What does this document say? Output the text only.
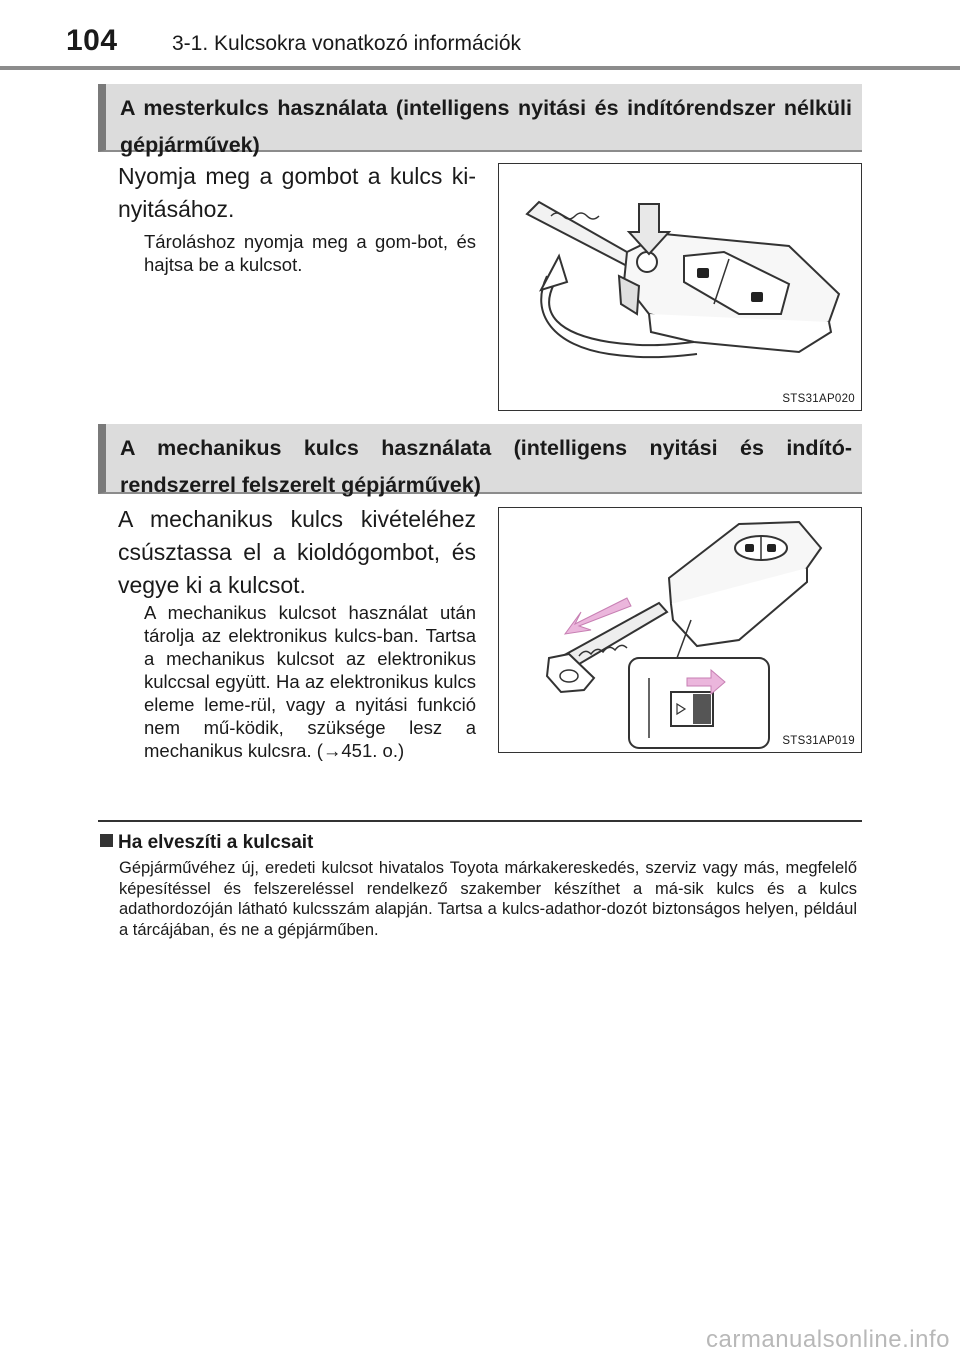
104	3-1. Kulcsokra vonatkozó információk
A mesterkulcs használata (intelligens nyitási és indítórendszer nélküli gépjárművek)
Nyomja meg a gombot a kulcs ki-nyitásához.
Tároláshoz nyomja meg a gom-bot, és hajtsa be a kulcsot.
STS31AP020
A mechanikus kulcs használata (intelligens nyitási és indító-rendszerrel felszerelt gépjárművek)
A mechanikus kulcs kivételéhez csúsztassa el a kioldógombot, és vegye ki a kulcsot.
A mechanikus kulcsot használat után tárolja az elektronikus kulcs-ban. Tartsa a mechanikus kulcsot az elektronikus kulccsal együtt. Ha az elektronikus kulcs eleme leme-rül, vagy a nyitási funkció nem mű-ködik, szüksége lesz a mechanikus kulcsra. (→451. o.)	STS31AP019
Ha elveszíti a kulcsait
Gépjárművéhez új, eredeti kulcsot hivatalos Toyota márkakereskedés, szerviz vagy más, megfelelő képesítéssel és felszereléssel rendelkező szakember készíthet a má-sik kulcs és a kulcs adathordozóján látható kulcsszám alapján. Tartsa a kulcs-adathor-dozót biztonságos helyen, például a tárcájában, és ne a gépjárműben.
carmanualsonline.info
